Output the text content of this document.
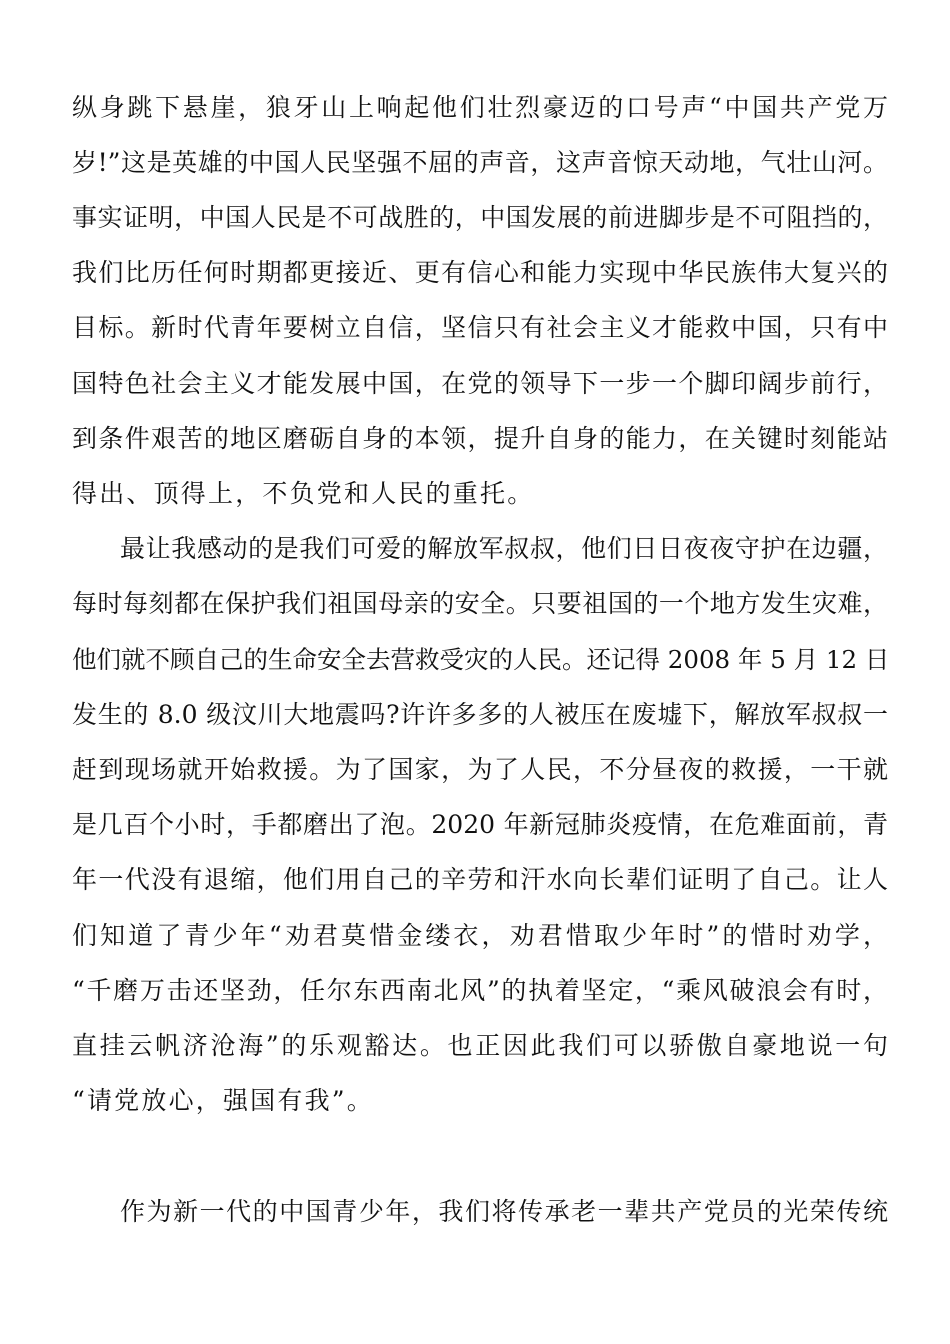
纵身跳下悬崖，狼牙山上响起他们壮烈豪迈的口号声“中国共产党万
岁!”这是英雄的中国人民坚强不屈的声音，这声音惊天动地，气壮山河。
事实证明，中国人民是不可战胜的，中国发展的前进脚步是不可阻挡的，
我们比历任何时期都更接近、更有信心和能力实现中华民族伟大复兴的
目标。新时代青年要树立自信，坚信只有社会主义才能救中国，只有中
国特色社会主义才能发展中国，在党的领导下一步一个脚印阔步前行，
到条件艰苦的地区磨砺自身的本领，提升自身的能力，在关键时刻能站
得出、顶得上，不负党和人民的重托。
最让我感动的是我们可爱的解放军叔叔，他们日日夜夜守护在边疆，
每时每刻都在保护我们祖国母亲的安全。只要祖国的一个地方发生灾难，
他们就不顾自己的生命安全去营救受灾的人民。还记得 2008 年 5 月 12 日
发生的 8.0 级汶川大地震吗?许许多多的人被压在废墟下，解放军叔叔一
赶到现场就开始救援。为了国家，为了人民，不分昼夜的救援，一干就
是几百个小时，手都磨出了泡。2020 年新冠肺炎疫情，在危难面前，青
年一代没有退缩，他们用自己的辛劳和汗水向长辈们证明了自己。让人
们知道了青少年“劝君莫惜金缕衣，劝君惜取少年时”的惜时劝学，
“千磨万击还坚劲，任尔东西南北风”的执着坚定，“乘风破浪会有时，
直挂云帆济沧海”的乐观豁达。也正因此我们可以骄傲自豪地说一句
“请党放心，强国有我”。
作为新一代的中国青少年，我们将传承老一辈共产党员的光荣传统
